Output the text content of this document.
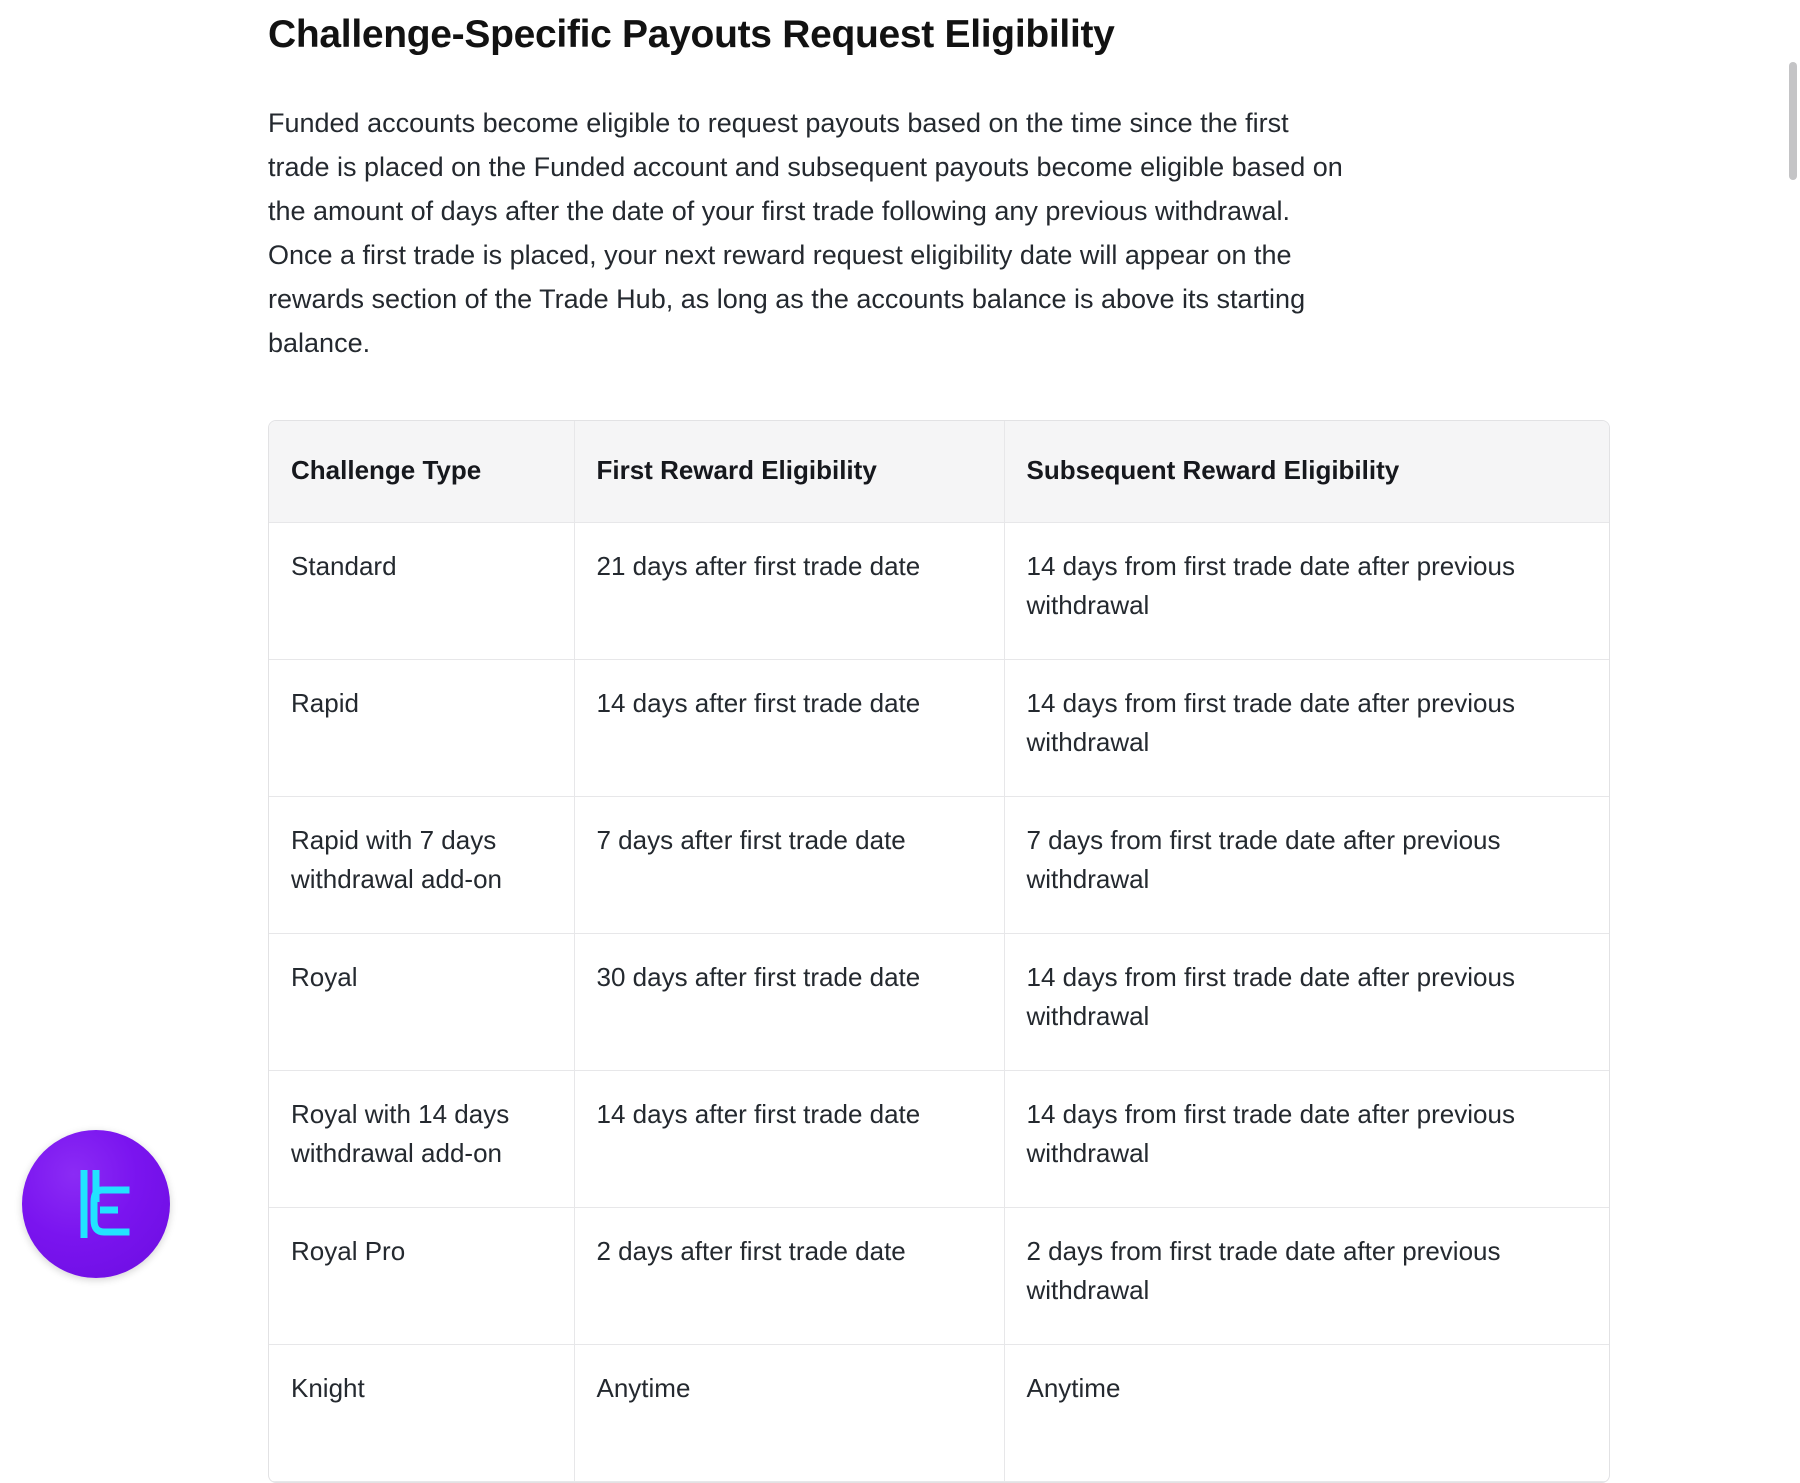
Challenge-Specific Payouts Request Eligibility

Funded accounts become eligible to request payouts based on the time since the first trade is placed on the Funded account and subsequent payouts become eligible based on the amount of days after the date of your first trade following any previous withdrawal. Once a first trade is placed, your next reward request eligibility date will appear on the rewards section of the Trade Hub, as long as the accounts balance is above its starting balance.

Challenge Type	First Reward Eligibility	Subsequent Reward Eligibility
Standard	21 days after first trade date	14 days from first trade date after previous withdrawal
Rapid	14 days after first trade date	14 days from first trade date after previous withdrawal
Rapid with 7 days withdrawal add-on	7 days after first trade date	7 days from first trade date after previous withdrawal
Royal	30 days after first trade date	14 days from first trade date after previous withdrawal
Royal with 14 days withdrawal add-on	14 days after first trade date	14 days from first trade date after previous withdrawal
Royal Pro	2 days after first trade date	2 days from first trade date after previous withdrawal
Knight	Anytime	Anytime
